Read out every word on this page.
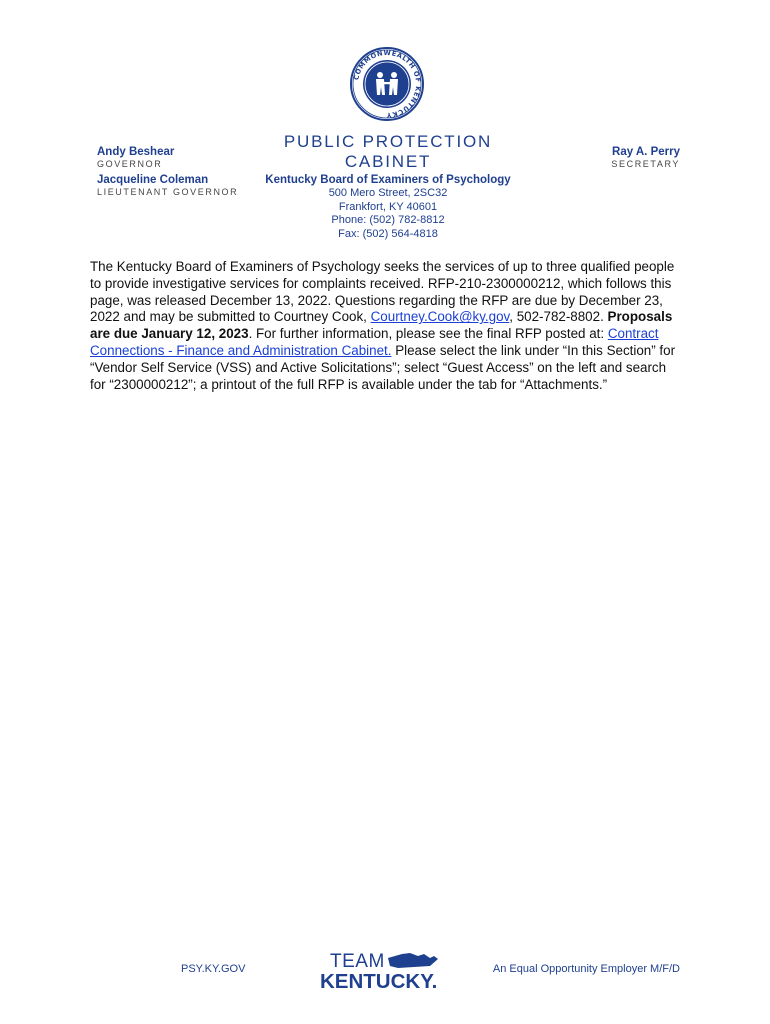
COMMONWEALTH OF KENTUCKY
Andy Beshear
GOVERNOR
Jacqueline Coleman
LIEUTENANT GOVERNOR
PUBLIC PROTECTION CABINET
Kentucky Board of Examiners of Psychology
500 Mero Street, 2SC32
Frankfort, KY 40601
Phone: (502) 782-8812
Fax: (502) 564-4818
Ray A. Perry
SECRETARY
The Kentucky Board of Examiners of Psychology seeks the services of up to three qualified people to provide investigative services for complaints received. RFP-210-2300000212, which follows this page, was released December 13, 2022. Questions regarding the RFP are due by December 23, 2022 and may be submitted to Courtney Cook, Courtney.Cook@ky.gov, 502-782-8802. Proposals are due January 12, 2023. For further information, please see the final RFP posted at: Contract Connections - Finance and Administration Cabinet. Please select the link under “In this Section” for “Vendor Self Service (VSS) and Active Solicitations”; select “Guest Access” on the left and search for “2300000212”; a printout of the full RFP is available under the tab for “Attachments.”
PSY.KY.GOV	TEAM
KENTUCKY.
An Equal Opportunity Employer M/F/D
